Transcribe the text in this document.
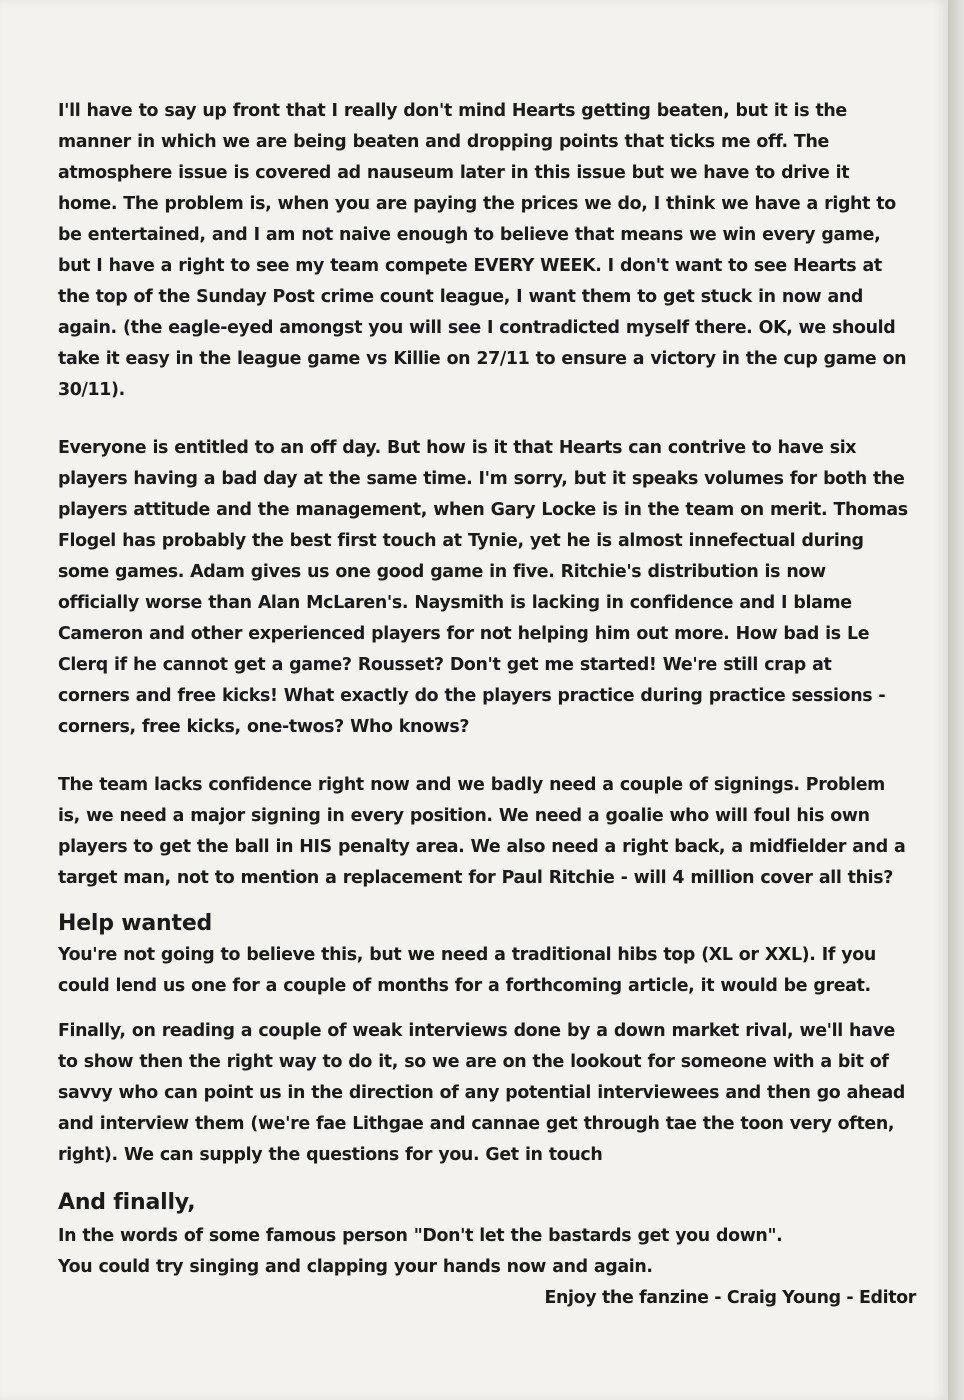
I'll have to say up front that I really don't mind Hearts getting beaten, but it is the manner in which we are being beaten and dropping points that ticks me off. The atmosphere issue is covered ad nauseum later in this issue but we have to drive it home. The problem is, when you are paying the prices we do, I think we have a right to be entertained, and I am not naive enough to believe that means we win every game, but I have a right to see my team compete EVERY WEEK. I don't want to see Hearts at the top of the Sunday Post crime count league, I want them to get stuck in now and again. (the eagle-eyed amongst you will see I contradicted myself there. OK, we should take it easy in the league game vs Killie on 27/11 to ensure a victory in the cup game on 30/11).

Everyone is entitled to an off day. But how is it that Hearts can contrive to have six players having a bad day at the same time. I'm sorry, but it speaks volumes for both the players attitude and the management, when Gary Locke is in the team on merit. Thomas Flogel has probably the best first touch at Tynie, yet he is almost innefectual during some games. Adam gives us one good game in five. Ritchie's distribution is now officially worse than Alan McLaren's. Naysmith is lacking in confidence and I blame Cameron and other experienced players for not helping him out more. How bad is Le Clerq if he cannot get a game? Rousset? Don't get me started! We're still crap at corners and free kicks! What exactly do the players practice during practice sessions - corners, free kicks, one-twos? Who knows?

The team lacks confidence right now and we badly need a couple of signings. Problem is, we need a major signing in every position. We need a goalie who will foul his own players to get the ball in HIS penalty area. We also need a right back, a midfielder and a target man, not to mention a replacement for Paul Ritchie - will 4 million cover all this?

Help wanted

You're not going to believe this, but we need a traditional hibs top (XL or XXL). If you could lend us one for a couple of months for a forthcoming article, it would be great.

Finally, on reading a couple of weak interviews done by a down market rival, we'll have to show then the right way to do it, so we are on the lookout for someone with a bit of savvy who can point us in the direction of any potential interviewees and then go ahead and interview them (we're fae Lithgae and cannae get through tae the toon very often, right). We can supply the questions for you. Get in touch

And finally,

In the words of some famous person "Don't let the bastards get you down".
You could try singing and clapping your hands now and again.

Enjoy the fanzine - Craig Young - Editor
